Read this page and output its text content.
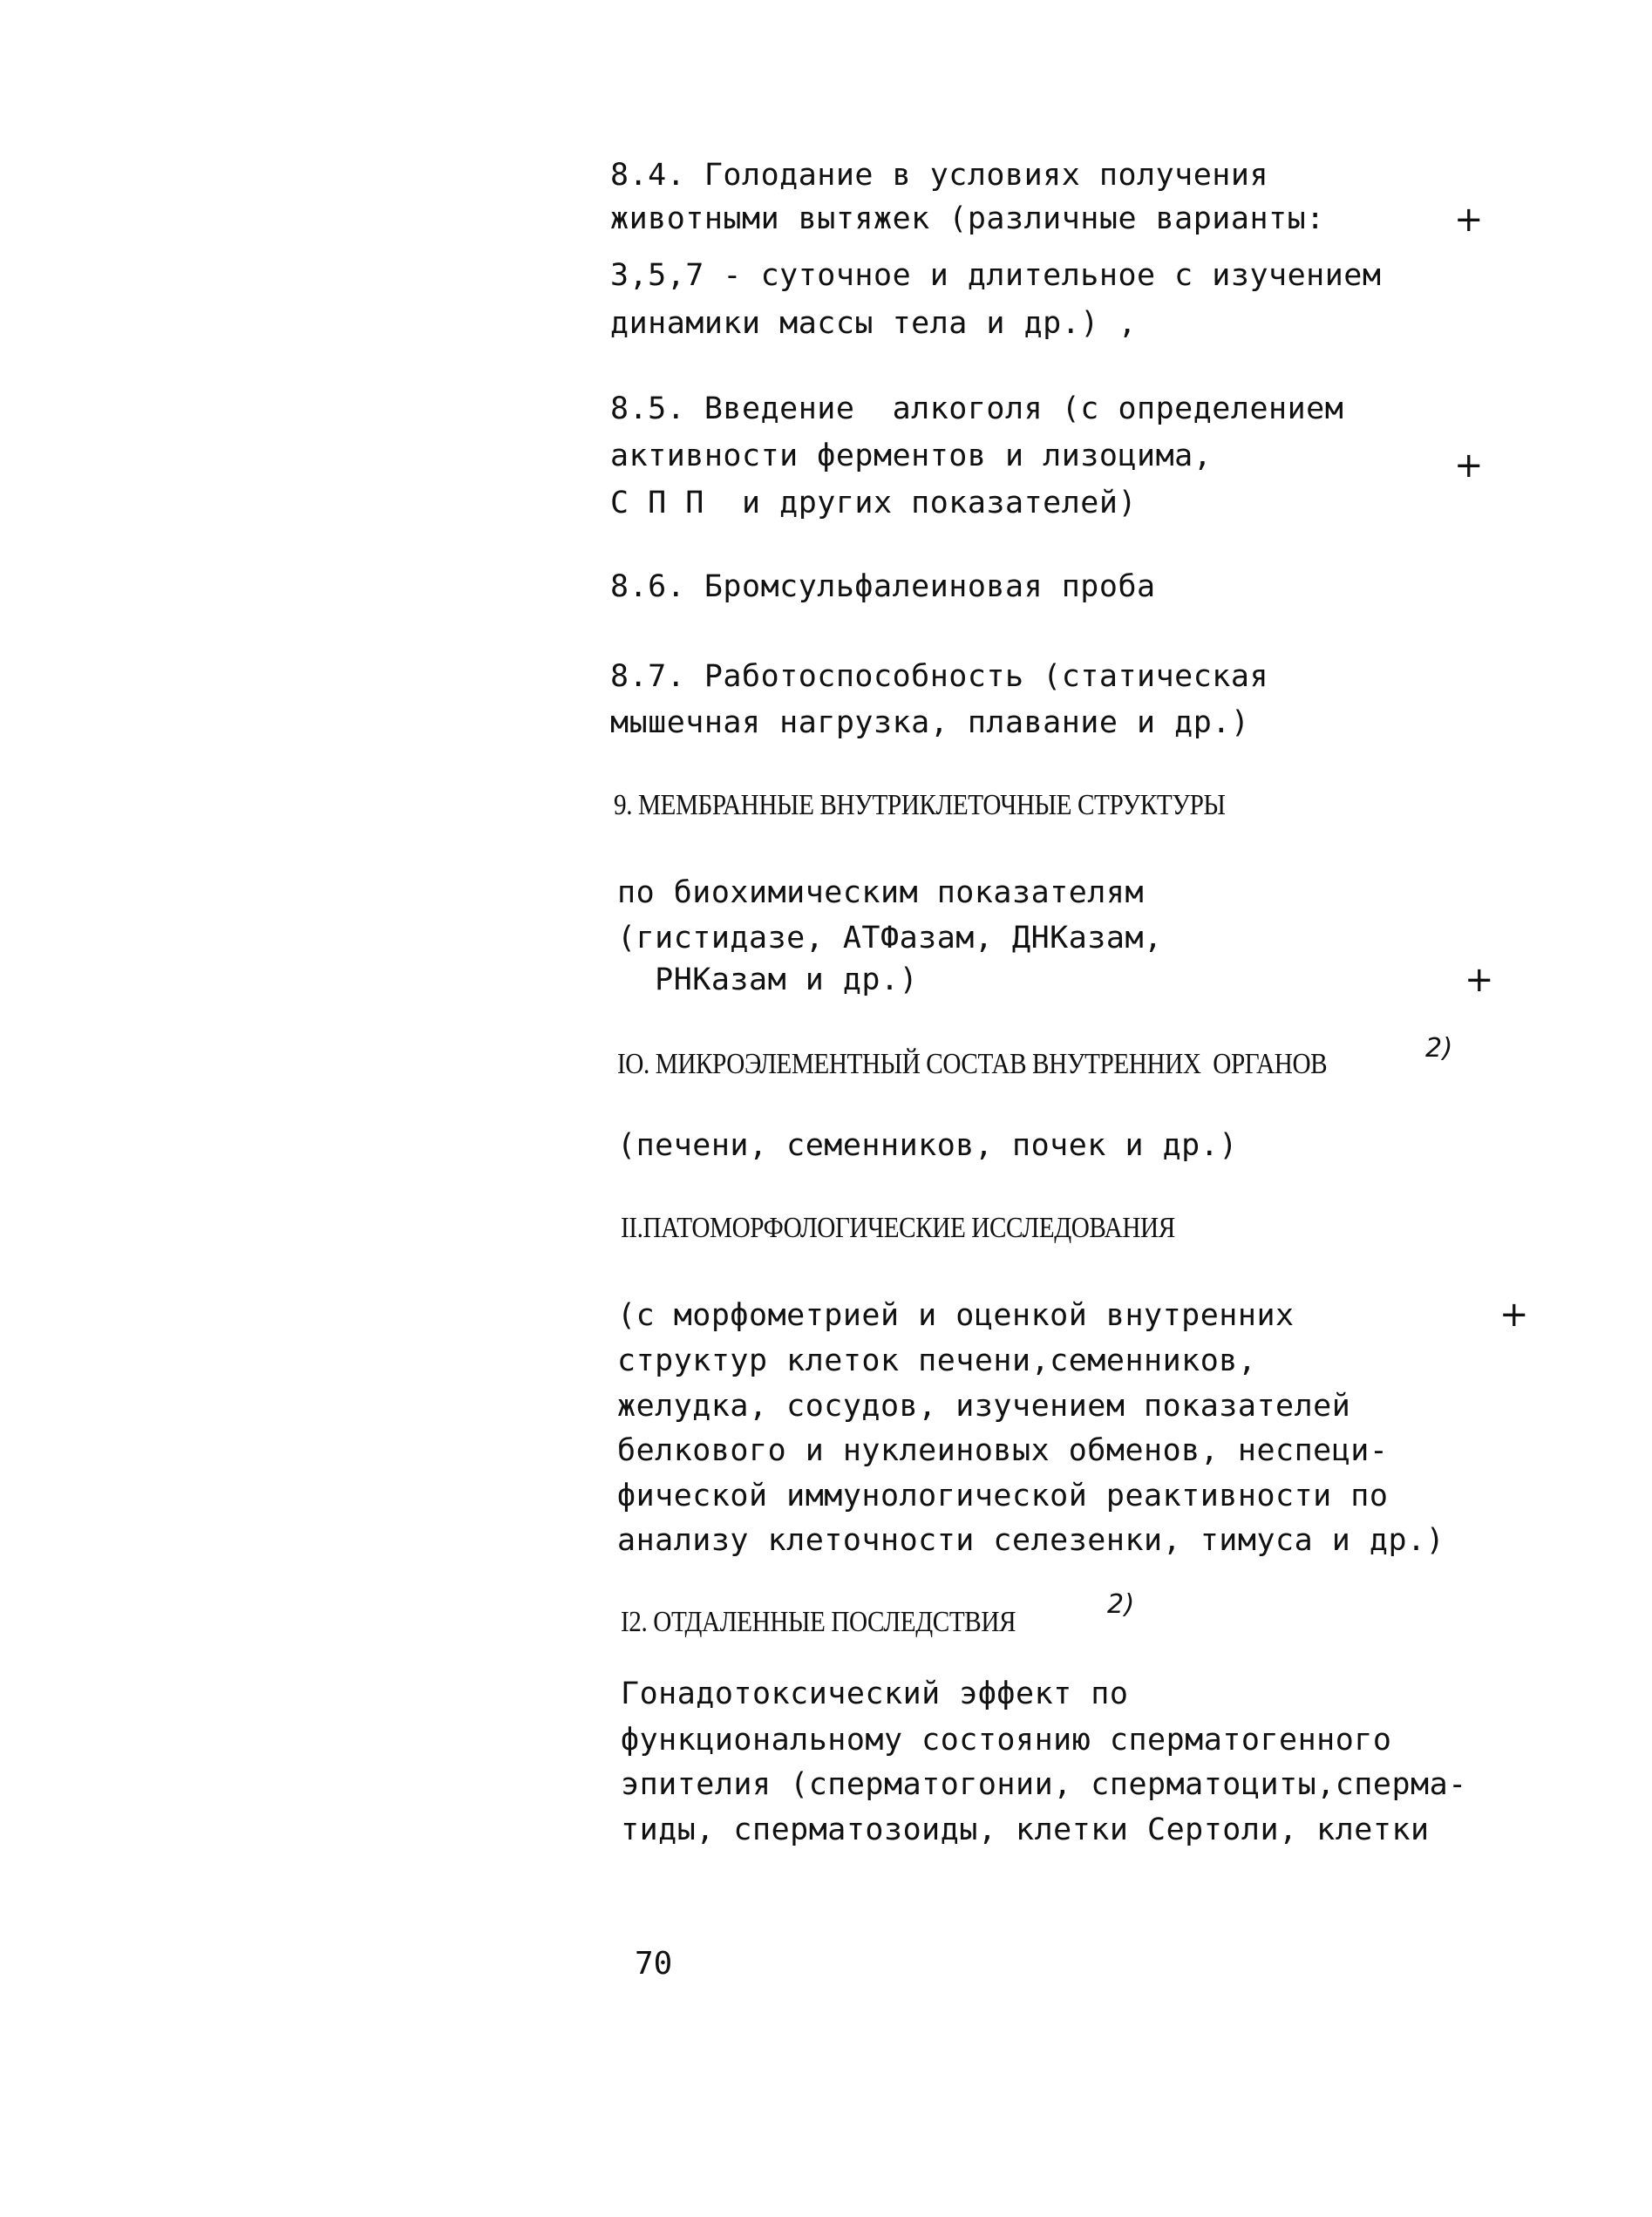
8.4. Голодание в условиях получения
животными вытяжек (различные варианты:	+
3,5,7 - суточное и длительное с изучением
динамики массы тела и др.) ,
8.5. Введение  алкоголя (с определением
активности ферментов и лизоцима,	+
С П П  и других показателей)
8.6. Бромсульфалеиновая проба
8.7. Работоспособность (статическая
мышечная нагрузка, плавание и др.)
9. МЕМБРАННЫЕ ВНУТРИКЛЕТОЧНЫЕ СТРУКТУРЫ
по биохимическим показателям
(гистидазе, АТФазам, ДНКазам,
РНКазам и др.)	+
IO. МИКРОЭЛЕМЕНТНЫЙ СОСТАВ ВНУТРЕННИХ  ОРГАНОВ	2)
(печени, семенников, почек и др.)
II.ПАТОМОРФОЛОГИЧЕСКИЕ ИССЛЕДОВАНИЯ
(с морфометрией и оценкой внутренних	+
структур клеток печени,семенников,
желудка, сосудов, изучением показателей
белкового и нуклеиновых обменов, неспеци-
фической иммунологической реактивности по
анализу клеточности селезенки, тимуса и др.)
I2. ОТДАЛЕННЫЕ ПОСЛЕДСТВИЯ
2)
Гонадотоксический эффект по
функциональному состоянию сперматогенного
эпителия (сперматогонии, сперматоциты,сперма-
тиды, сперматозоиды, клетки Сертоли, клетки
70
